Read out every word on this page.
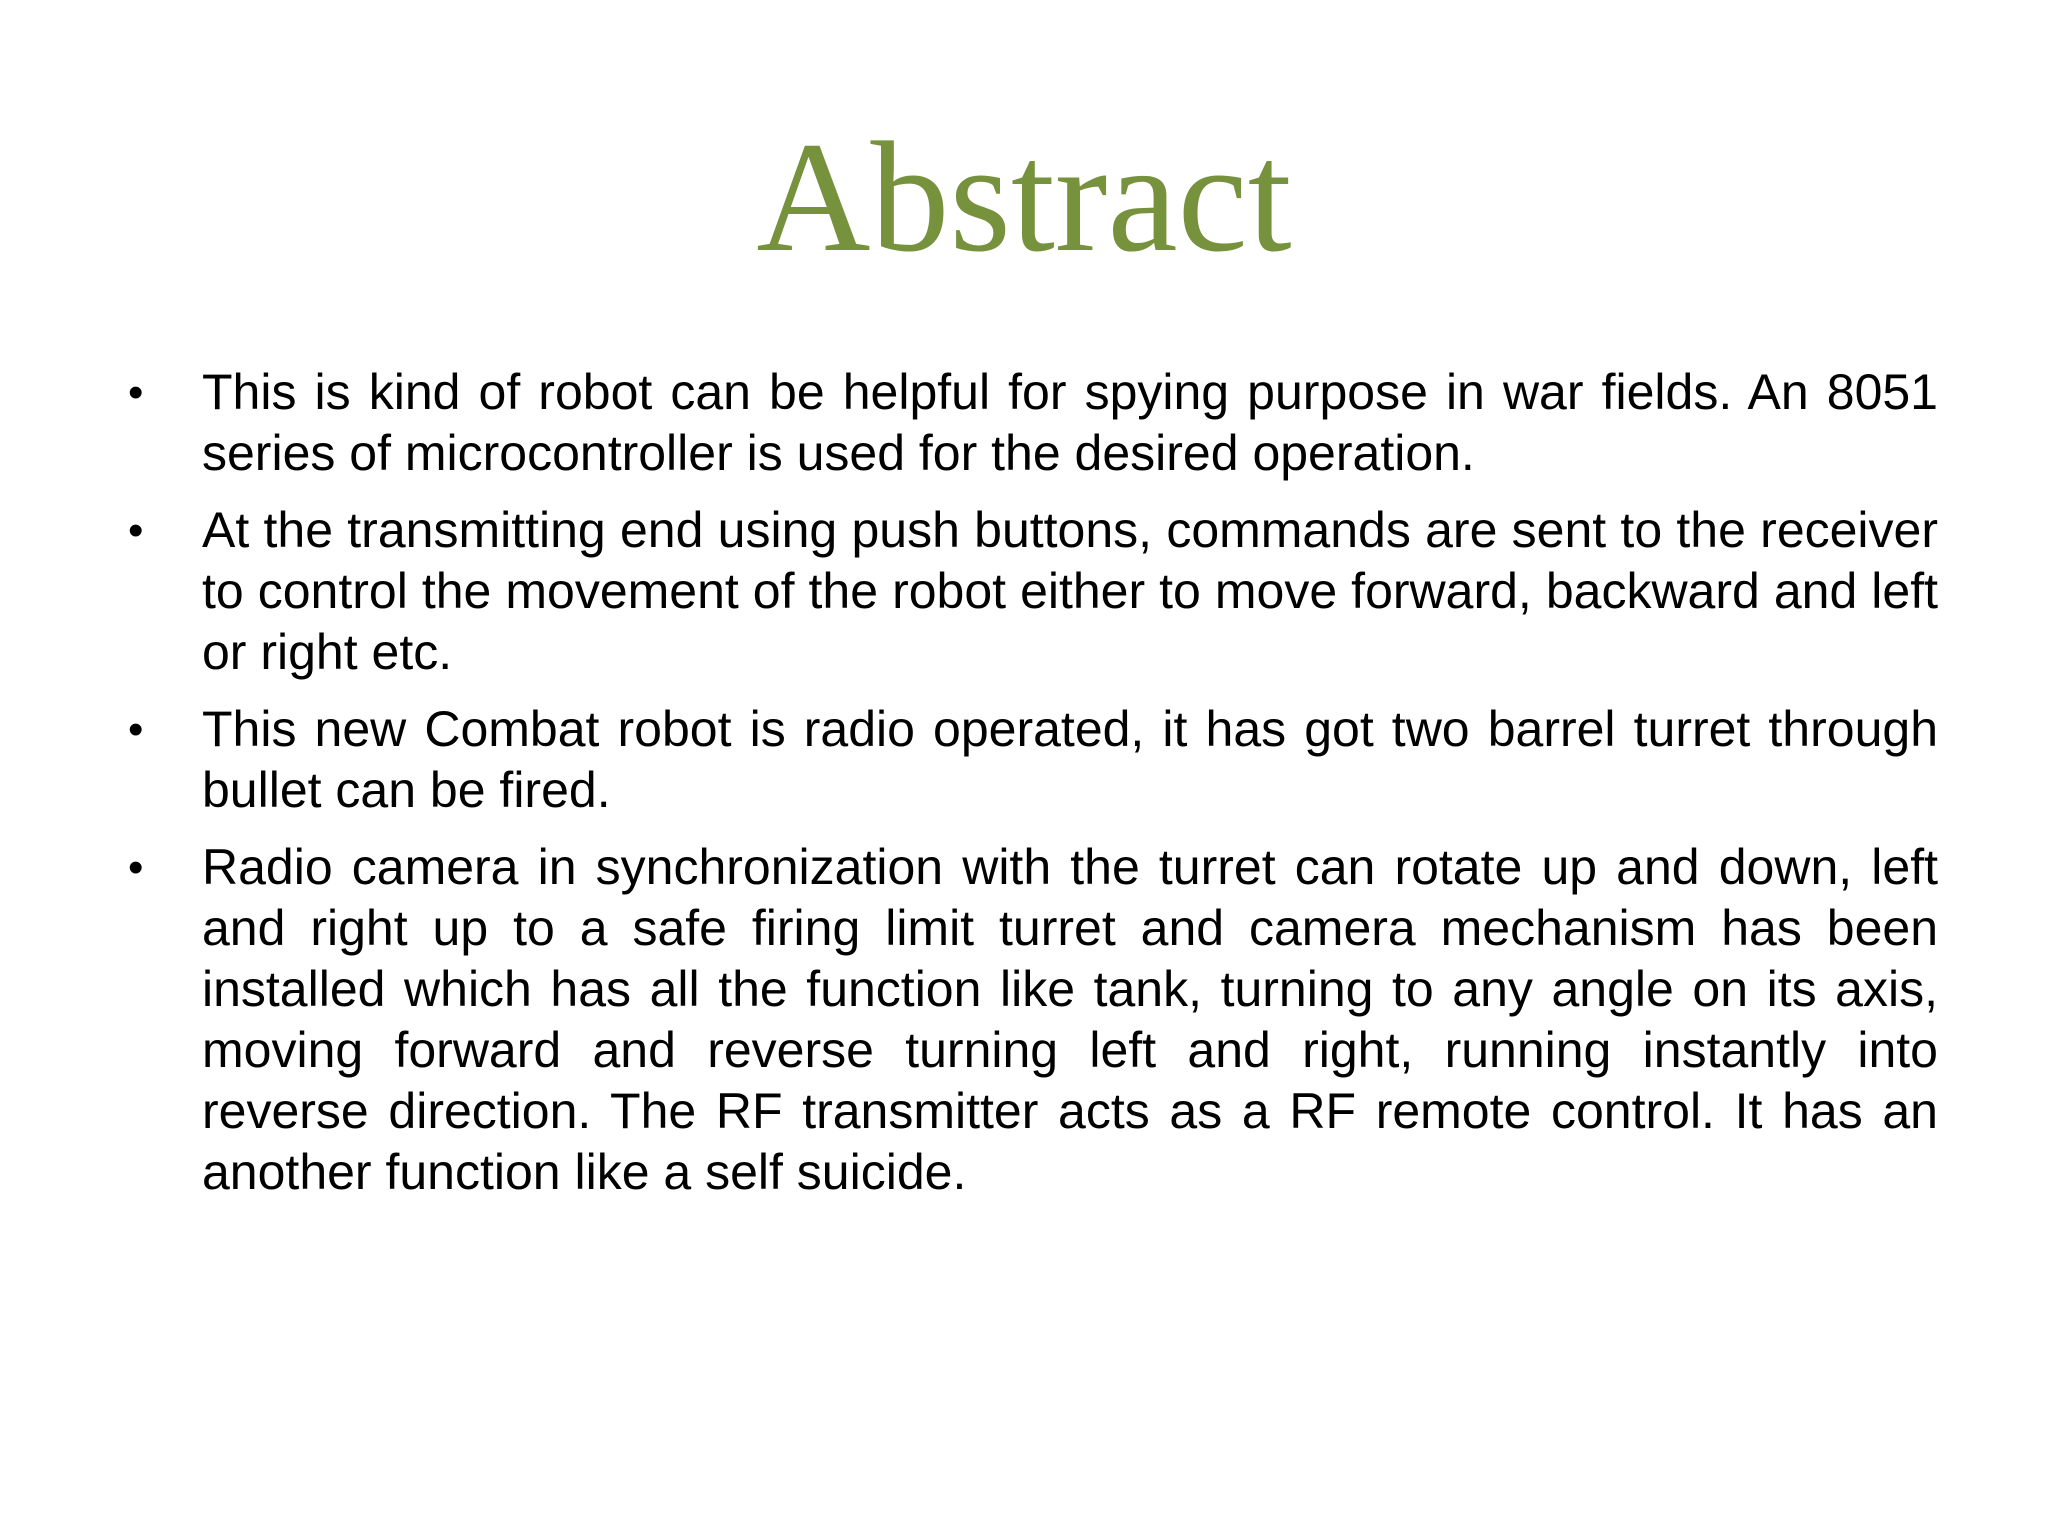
Abstract
• This is kind of robot can be helpful for spying purpose in war fields. An 8051 series of microcontroller is used for the desired operation.
• At the transmitting end using push buttons, commands are sent to the receiver to control the movement of the robot either to move forward, backward and left or right etc.
• This new Combat robot is radio operated, it has got two barrel turret through bullet can be fired.
• Radio camera in synchronization with the turret can rotate up and down, left and right up to a safe firing limit turret and camera mechanism has been installed which has all the function like tank, turning to any angle on its axis, moving forward and reverse turning left and right, running instantly into reverse direction. The RF transmitter acts as a RF remote control. It has an another function like a self suicide.
